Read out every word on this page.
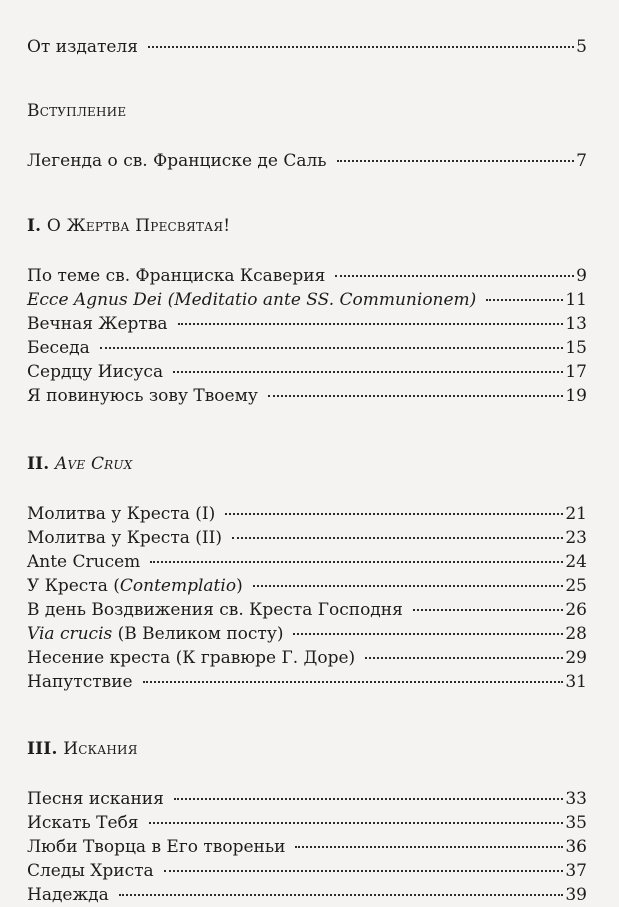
От издателя	5
Вступление
Легенда о св. Франциске де Саль	7
I. О Жертва Пресвятая!
По теме св. Франциска Ксаверия	9
Ecce Agnus Dei (Meditatio ante SS. Communionem)	11
Вечная Жертва	13
Беседа	15
Сердцу Иисуса	17
Я повинуюсь зову Твоему	19
II. Ave Crux
Молитва у Креста (I)	21
Молитва у Креста (II)	23
Ante Crucem	24
У Креста (Contemplatio)	25
В день Воздвижения св. Креста Господня	26
Via crucis (В Великом посту)	28
Несение креста (К гравюре Г. Доре)	29
Напутствие	31
III. Искания
Песня искания	33
Искать Тебя	35
Люби Творца в Его твореньи	36
Следы Христа	37
Надежда	39
